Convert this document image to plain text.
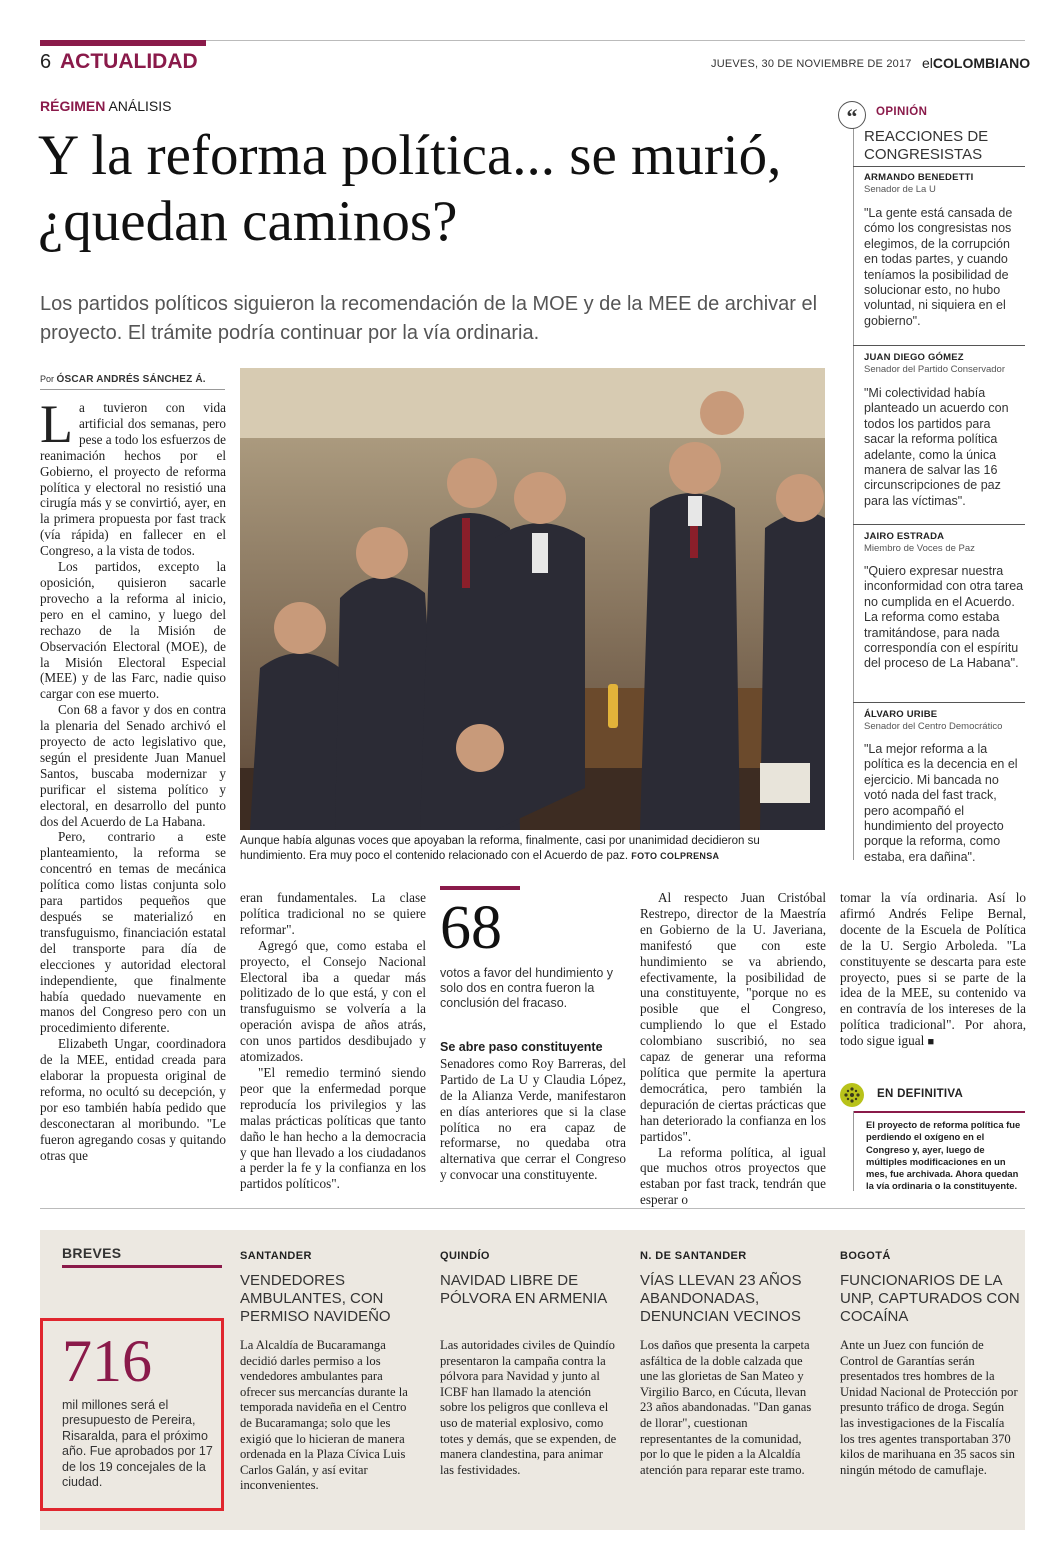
6 ACTUALIDAD	JUEVES, 30 DE NOVIEMBRE DE 2017 elCOLOMBIANO
RÉGIMEN ANÁLISIS
Y la reforma política... se murió, ¿quedan caminos?
Los partidos políticos siguieron la recomendación de la MOE y de la MEE de archivar el proyecto. El trámite podría continuar por la vía ordinaria.
Por ÓSCAR ANDRÉS SÁNCHEZ Á.
L a tuvieron con vida artificial dos semanas, pero pese a todo los esfuerzos de reanimación hechos por el Gobierno, el proyecto de reforma política y electoral no resistió una cirugía más y se convirtió, ayer, en la primera propuesta por fast track (vía rápida) en fallecer en el Congreso, a la vista de todos.

Los partidos, excepto la oposición, quisieron sacarle provecho a la reforma al inicio, pero en el camino, y luego del rechazo de la Misión de Observación Electoral (MOE), de la Misión Electoral Especial (MEE) y de las Farc, nadie quiso cargar con ese muerto.

Con 68 a favor y dos en contra la plenaria del Senado archivó el proyecto de acto legislativo que, según el presidente Juan Manuel Santos, buscaba modernizar y purificar el sistema político y electoral, en desarrollo del punto dos del Acuerdo de La Habana.

Pero, contrario a este planteamiento, la reforma se concentró en temas de mecánica política como listas conjunta solo para partidos pequeños que después se materializó en transfuguismo, financiación estatal del transporte para día de elecciones y autoridad electoral independiente, que finalmente había quedado nuevamente en manos del Congreso pero con un procedimiento diferente.

Elizabeth Ungar, coordinadora de la MEE, entidad creada para elaborar la propuesta original de reforma, no ocultó su decepción, y por eso también había pedido que desconectaran al moribundo. "Le fueron agregando cosas y quitando otras que

Aunque había algunas voces que apoyaban la reforma, finalmente, casi por unanimidad decidieron su hundimiento. Era muy poco el contenido relacionado con el Acuerdo de paz. FOTO COLPRENSA

eran fundamentales. La clase política tradicional no se quiere reformar".

Agregó que, como estaba el proyecto, el Consejo Nacional Electoral iba a quedar más politizado de lo que está, y con el transfuguismo se volvería a la operación avispa de años atrás, con unos partidos desdibujado y atomizados.

"El remedio terminó siendo peor que la enfermedad porque reproducía los privilegios y las malas prácticas políticas que tanto daño le han hecho a la democracia y que han llevado a los ciudadanos a perder la fe y la confianza en los partidos políticos".

68
votos a favor del hundimiento y solo dos en contra fueron la conclusión del fracaso.

Se abre paso constituyente

Senadores como Roy Barreras, del Partido de La U y Claudia López, de la Alianza Verde, manifestaron en días anteriores que si la clase política no era capaz de reformarse, no quedaba otra alternativa que cerrar el Congreso y convocar una constituyente.

Al respecto Juan Cristóbal Restrepo, director de la Maestría en Gobierno de la U. Javeriana, manifestó que con este hundimiento se va abriendo, efectivamente, la posibilidad de una constituyente, "porque no es posible que el Congreso, cumpliendo lo que el Estado colombiano suscribió, no sea capaz de generar una reforma política que permite la apertura democrática, pero también la depuración de ciertas prácticas que han deteriorado la confianza en los partidos".

La reforma política, al igual que muchos otros proyectos que estaban por fast track, tendrán que esperar o

tomar la vía ordinaria. Así lo afirmó Andrés Felipe Bernal, docente de la Escuela de Política de la U. Sergio Arboleda. "La constituyente se descarta para este proyecto, pues si se parte de la idea de la MEE, su contenido va en contravía de los intereses de la política tradicional". Por ahora, todo sigue igual ■

“	OPINIÓN
REACCIONES DE CONGRESISTAS
ARMANDO BENEDETTI
Senador de La U
"La gente está cansada de cómo los congresistas nos elegimos, de la corrupción en todas partes, y cuando teníamos la posibilidad de solucionar esto, no hubo voluntad, ni siquiera en el gobierno".
JUAN DIEGO GÓMEZ
Senador del Partido Conservador
"Mi colectividad había planteado un acuerdo con todos los partidos para sacar la reforma política adelante, como la única manera de salvar las 16 circunscripciones de paz para las víctimas".
JAIRO ESTRADA
Miembro de Voces de Paz
"Quiero expresar nuestra inconformidad con otra tarea no cumplida en el Acuerdo. La reforma como estaba tramitándose, para nada correspondía con el espíritu del proceso de La Habana".
ÁLVARO URIBE
Senador del Centro Democrático
"La mejor reforma a la política es la decencia en el ejercicio. Mi bancada no votó nada del fast track, pero acompañó el hundimiento del proyecto porque la reforma, como estaba, era dañina".
EN DEFINITIVA
El proyecto de reforma política fue perdiendo el oxígeno en el Congreso y, ayer, luego de múltiples modificaciones en un mes, fue archivada. Ahora quedan la vía ordinaria o la constituyente.
BREVES
716
mil millones será el presupuesto de Pereira, Risaralda, para el próximo año. Fue aprobados por 17 de los 19 concejales de la ciudad.
SANTANDER
VENDEDORES AMBULANTES, CON PERMISO NAVIDEÑO
La Alcaldía de Bucaramanga decidió darles permiso a los vendedores ambulantes para ofrecer sus mercancías durante la temporada navideña en el Centro de Bucaramanga; solo que les exigió que lo hicieran de manera ordenada en la Plaza Cívica Luis Carlos Galán, y así evitar inconvenientes.
QUINDÍO
NAVIDAD LIBRE DE PÓLVORA EN ARMENIA
Las autoridades civiles de Quindío presentaron la campaña contra la pólvora para Navidad y junto al ICBF han llamado la atención sobre los peligros que conlleva el uso de material explosivo, como totes y demás, que se expenden, de manera clandestina, para animar las festividades.
N. DE SANTANDER
VÍAS LLEVAN 23 AÑOS ABANDONADAS, DENUNCIAN VECINOS
Los daños que presenta la carpeta asfáltica de la doble calzada que une las glorietas de San Mateo y Virgilio Barco, en Cúcuta, llevan 23 años abandonadas. "Dan ganas de llorar", cuestionan representantes de la comunidad, por lo que le piden a la Alcaldía atención para reparar este tramo.
BOGOTÁ
FUNCIONARIOS DE LA UNP, CAPTURADOS CON COCAÍNA
Ante un Juez con función de Control de Garantías serán presentados tres hombres de la Unidad Nacional de Protección por presunto tráfico de droga. Según las investigaciones de la Fiscalía los tres agentes transportaban 370 kilos de marihuana en 35 sacos sin ningún método de camuflaje.
